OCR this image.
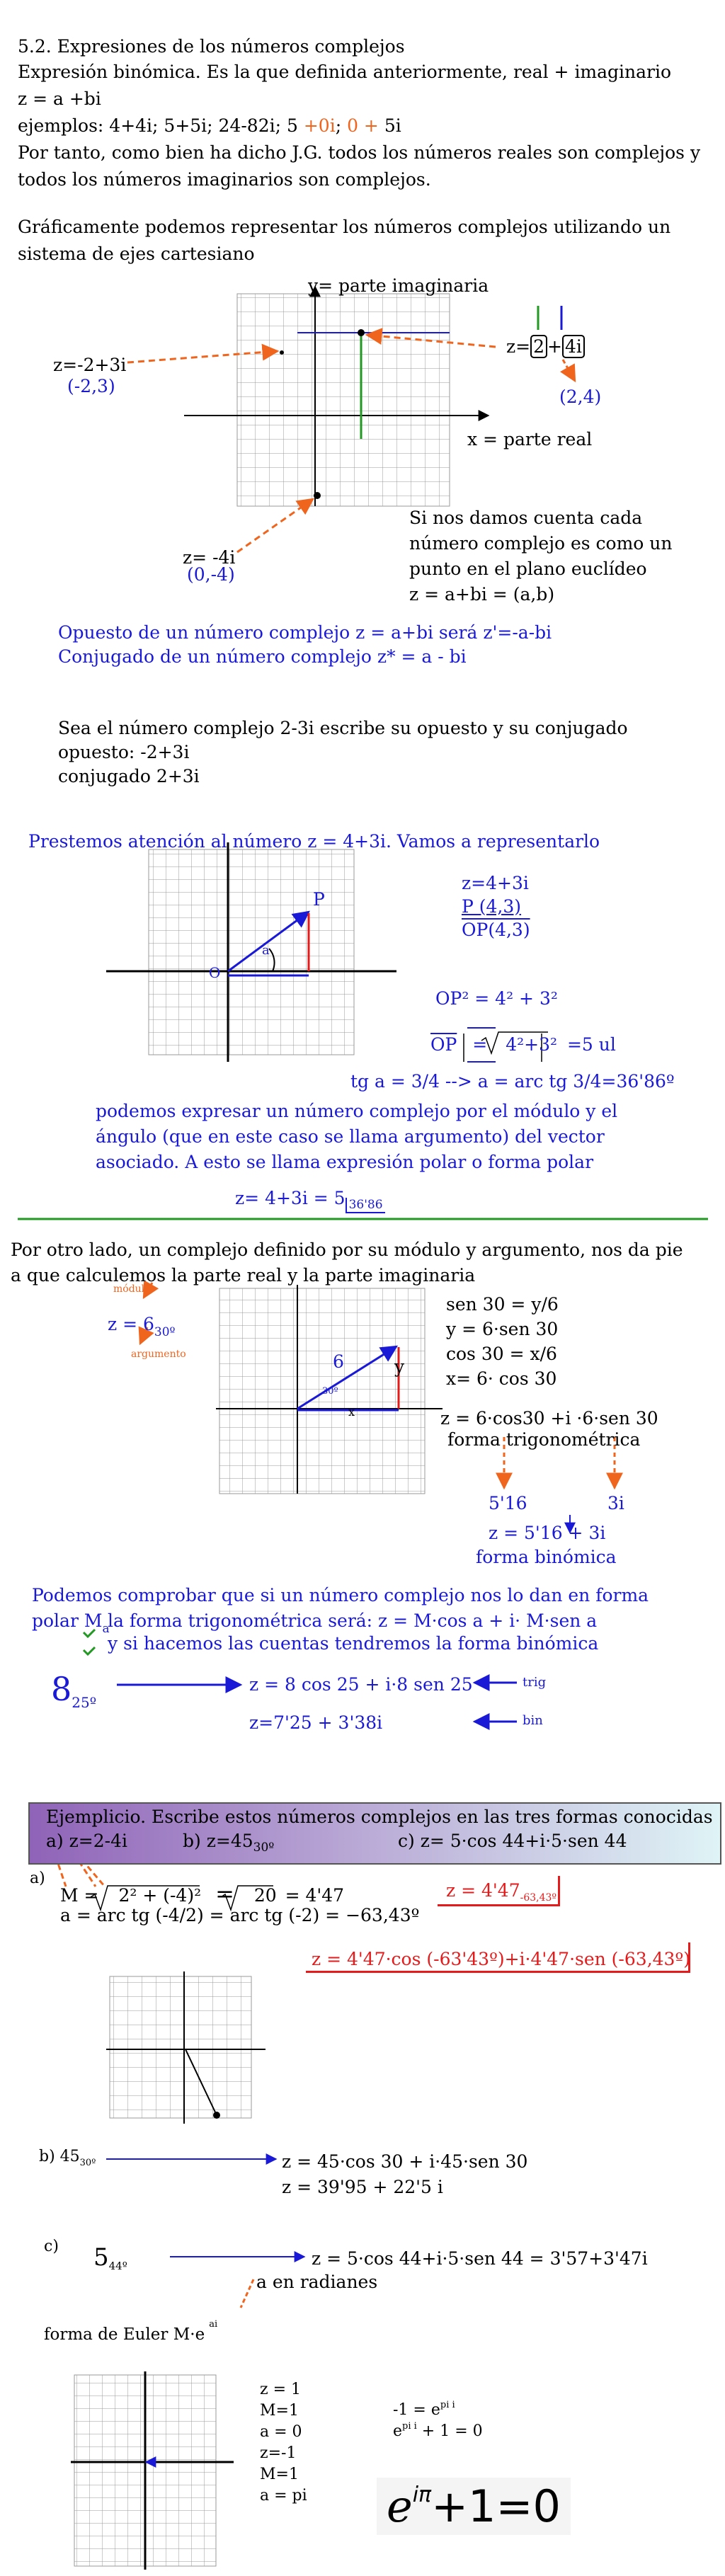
5.2. Expresiones de los números complejos
Expresión binómica. Es la que definida anteriormente, real + imaginario
z = a +bi
ejemplos: 4+4i; 5+5i; 24-82i; 5 +0i; 0 + 5i
Por tanto, como bien ha dicho J.G. todos los números reales son complejos y
todos los números imaginarios son complejos.
Gráficamente podemos representar los números complejos utilizando un
sistema de ejes cartesiano
y= parte imaginaria
x = parte real
z=-2+3i
(-2,3)
z= 2 + 4i
(2,4)
z= -4i
(0,-4)
Si nos damos cuenta cada
número complejo es como un
punto en el plano euclídeo
z = a+bi = (a,b)
Opuesto de un número complejo z = a+bi será z'=-a-bi
Conjugado de un número complejo z* = a - bi
Sea el número complejo 2-3i escribe su opuesto y su conjugado
opuesto: -2+3i
conjugado 2+3i
Prestemos atención al número z = 4+3i. Vamos a representarlo
z=4+3i
P (4,3)
OP(4,3)
P
O
a
OP² = 4² + 3²
$\overline{OP} = 4^2+3^2 =5$ ul
tg a = 3/4 --> a = arc tg 3/4=36'86º
podemos expresar un número complejo por el módulo y el
ángulo (que en este caso se llama argumento) del vector
asociado. A esto se llama expresión polar o forma polar
z= 4+3i = 5 $_{36'86}$
Por otro lado, un complejo definido por su módulo y argumento, nos da pie
a que calculemos la parte real y la parte imaginaria
módulo
$z = 6_{30º}$
argumento	6	y
x
30º
sen 30 = y/6
y = 6·sen 30
cos 30 = x/6
x= 6· cos 30
z = 6·cos30 +i ·6·sen 30
forma trigonométrica
5'16	3i
z = 5'16 + 3i
forma binómica
Podemos comprobar que si un número complejo nos lo dan en forma
polar $M_a$
la forma trigonométrica será: z = M·cos a + i· M·sen a
y si hacemos las cuentas tendremos la forma binómica
$8_{25º}$
z = 8 cos 25 + i·8 sen 25	trig
z=7'25 + 3'38i	bin
Ejemplicio. Escribe estos números complejos en las tres formas conocidas
a) z=2-4i	b) $z=45_{30º}$	c) z= 5·cos 44+i·5·sen 44
a)
M = 2² + (-4)² = 20 = 4'47
a = arc tg (-4/2) = arc tg (-2) = −63,43º
$z = 4'47_{-63,43º}$
z = 4'47·cos (-63'43º)+i·4'47·sen (-63,43º)
b) $45_{30º}$	z = 45·cos 30 + i·45·sen 30
z = 39'95 + 22'5 i
c) 544º	z = 5·cos 44+i·5·sen 44 = 3'57+3'47i
a en radianes
forma de Euler $M\cdot e^{ai}$
z = 1
M=1
a = 0
z=-1
M=1
a = pi
$-1 = e^{pi i}$
$e^{pi i} + 1 = 0$
$e^{i\pi}+1=0$
